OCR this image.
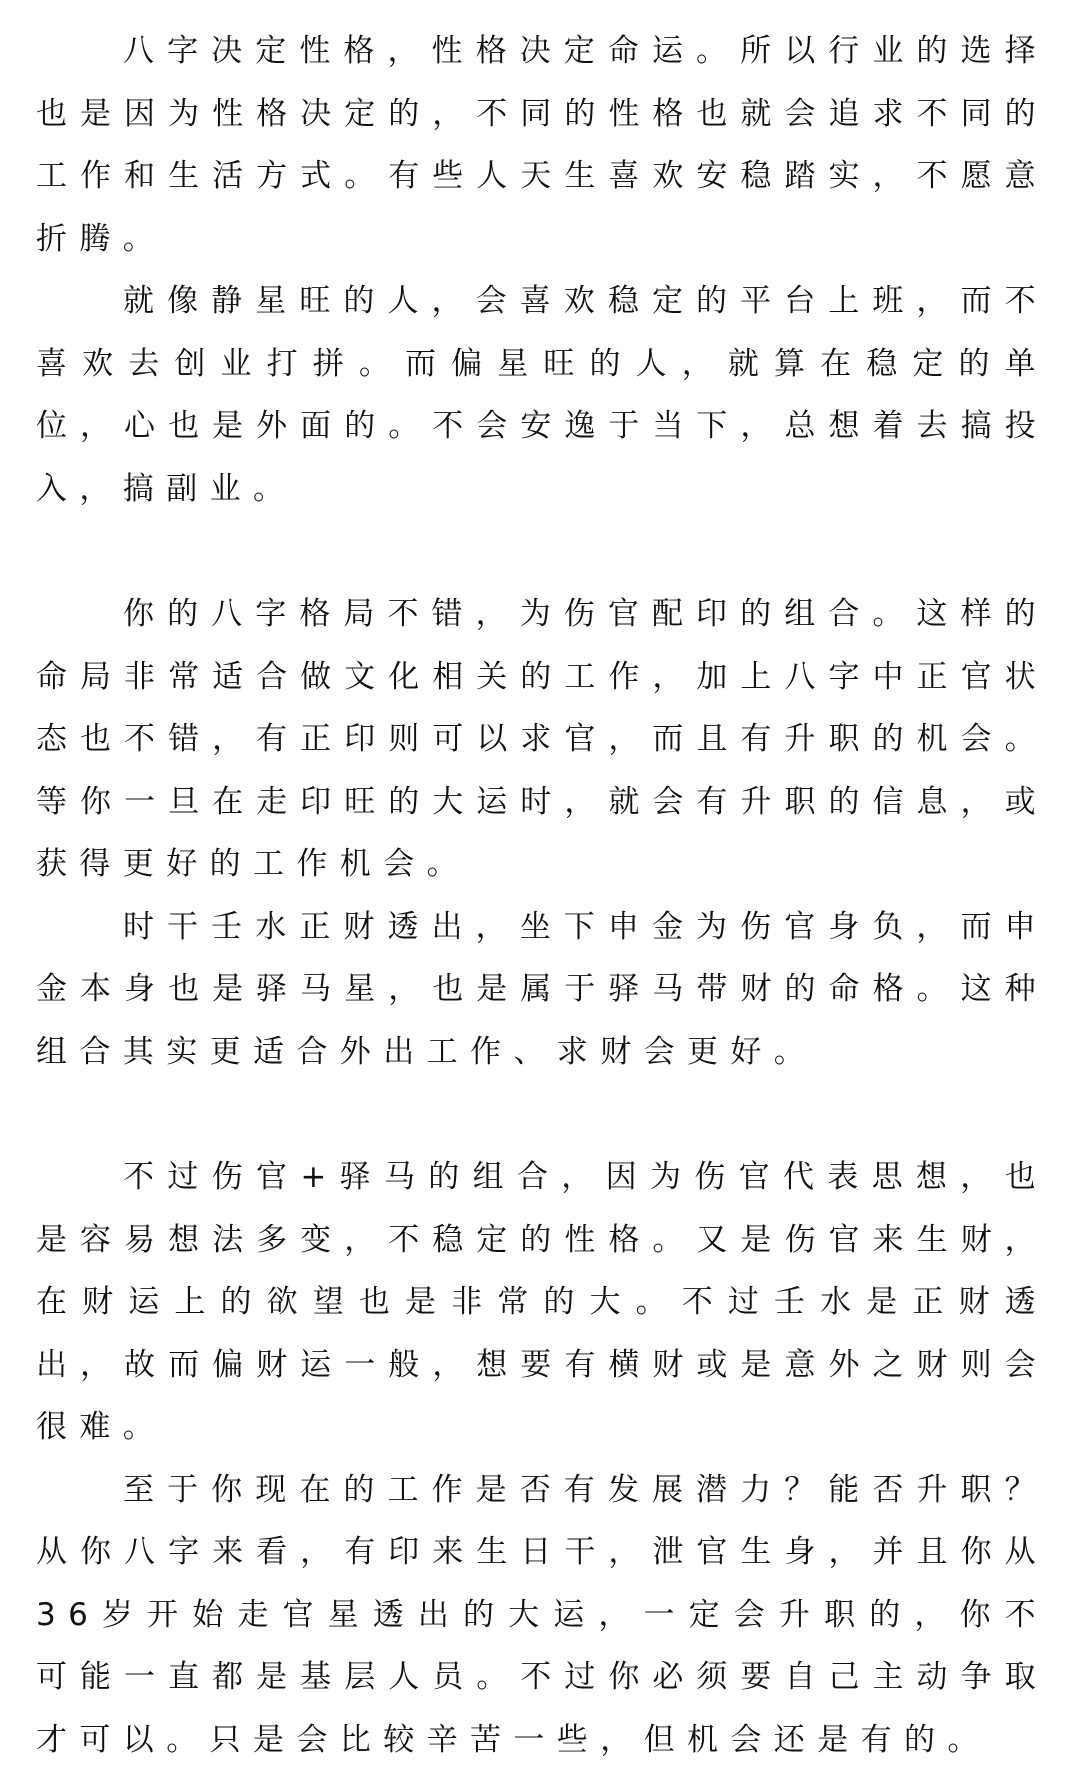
八字决定性格，性格决定命运。所以行业的选择也是因为性格决定的，不同的性格也就会追求不同的工作和生活方式。有些人天生喜欢安稳踏实，不愿意折腾。

就像静星旺的人，会喜欢稳定的平台上班，而不喜欢去创业打拼。而偏星旺的人，就算在稳定的单位，心也是外面的。不会安逸于当下，总想着去搞投入，搞副业。

你的八字格局不错，为伤官配印的组合。这样的命局非常适合做文化相关的工作，加上八字中正官状态也不错，有正印则可以求官，而且有升职的机会。等你一旦在走印旺的大运时，就会有升职的信息，或获得更好的工作机会。

时干壬水正财透出，坐下申金为伤官身负，而申金本身也是驿马星，也是属于驿马带财的命格。这种组合其实更适合外出工作、求财会更好。

不过伤官+驿马的组合，因为伤官代表思想，也是容易想法多变，不稳定的性格。又是伤官来生财，在财运上的欲望也是非常的大。不过壬水是正财透出，故而偏财运一般，想要有横财或是意外之财则会很难。

至于你现在的工作是否有发展潜力？能否升职？从你八字来看，有印来生日干，泄官生身，并且你从36岁开始走官星透出的大运，一定会升职的，你不可能一直都是基层人员。不过你必须要自己主动争取才可以。只是会比较辛苦一些，但机会还是有的。
